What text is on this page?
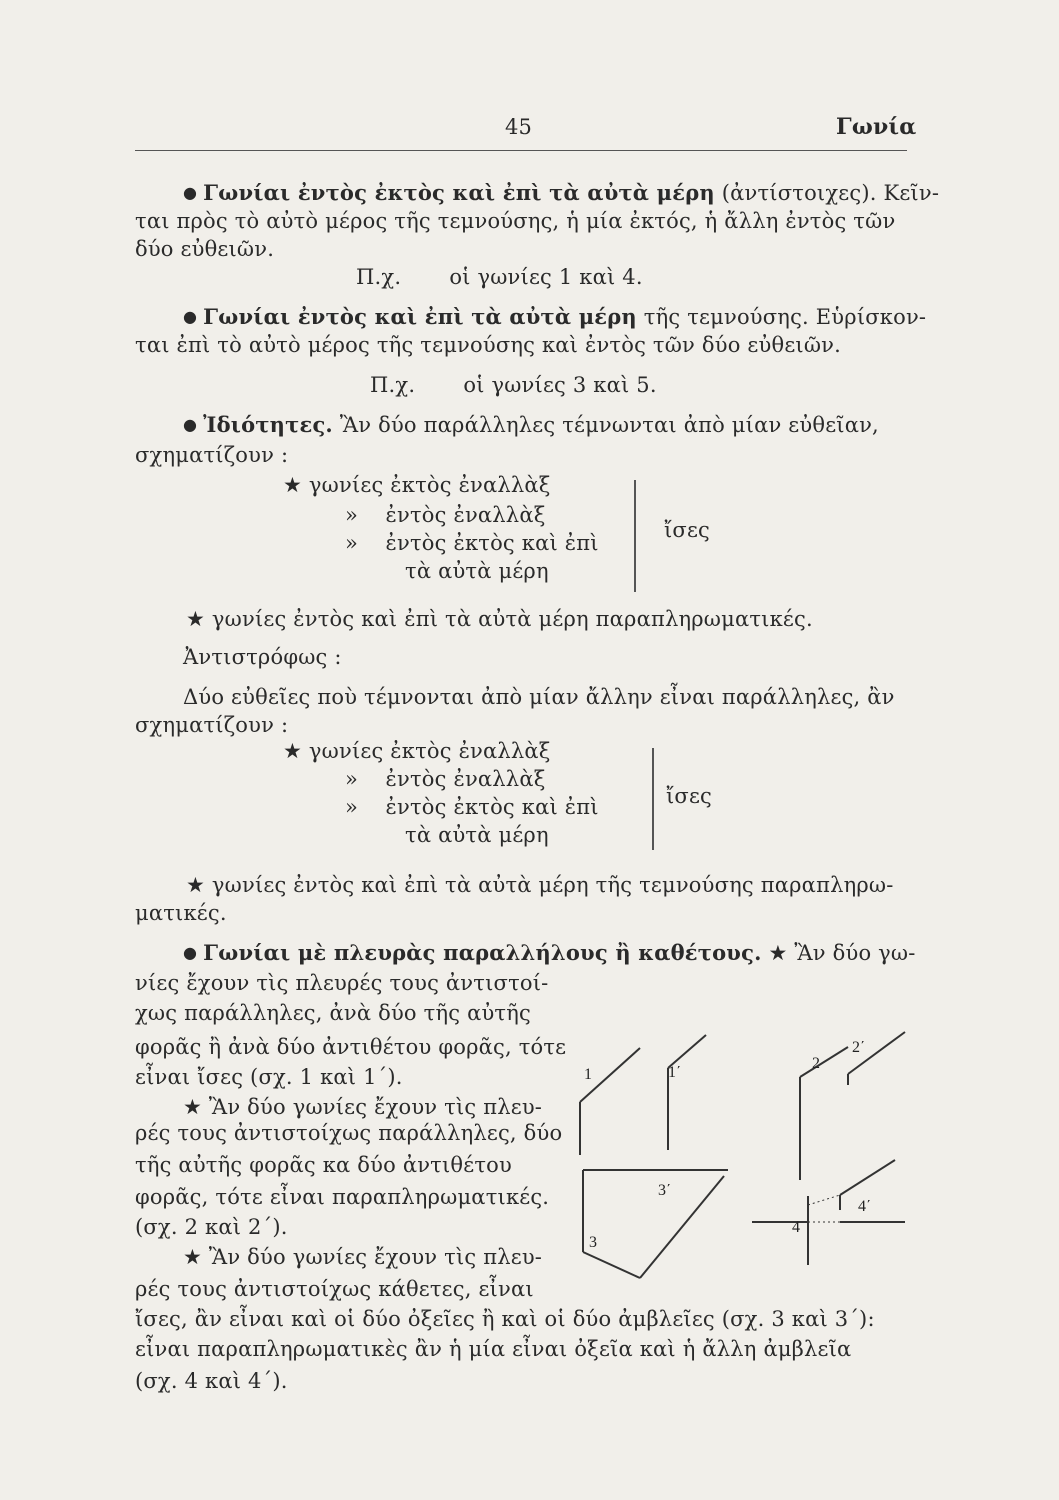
45	Γωνία
● Γωνίαι ἐντὸς ἐκτὸς καὶ ἐπὶ τὰ αὐτὰ μέρη (ἀντίστοιχες). Κεῖν-
ται πρὸς τὸ αὐτὸ μέρος τῆς τεμνούσης, ἡ μία ἐκτός, ἡ ἄλλη ἐντὸς τῶν
δύο εὐθειῶν.
Π.χ.       οἱ γωνίες 1 καὶ 4.
● Γωνίαι ἐντὸς καὶ ἐπὶ τὰ αὐτὰ μέρη τῆς τεμνούσης. Εὑρίσκον-
ται ἐπὶ τὸ αὐτὸ μέρος τῆς τεμνούσης καὶ ἐντὸς τῶν δύο εὐθειῶν.
Π.χ.       οἱ γωνίες 3 καὶ 5.
● Ἰδιότητες. Ἂν δύο παράλληλες τέμνωνται ἀπὸ μίαν εὐθεῖαν,
σχηματίζουν :
★ γωνίες ἐκτὸς ἐναλλὰξ
»    ἐντὸς ἐναλλὰξ
»    ἐντὸς ἐκτὸς καὶ ἐπὶ
τὰ αὐτὰ μέρη
ἴσες
★ γωνίες ἐντὸς καὶ ἐπὶ τὰ αὐτὰ μέρη παραπληρωματικές.
Ἀντιστρόφως :
Δύο εὐθεῖες ποὺ τέμνονται ἀπὸ μίαν ἄλλην εἶναι παράλληλες, ἂν
σχηματίζουν :
★ γωνίες ἐκτὸς ἐναλλὰξ
»    ἐντὸς ἐναλλὰξ
»    ἐντὸς ἐκτὸς καὶ ἐπὶ
τὰ αὐτὰ μέρη
ἴσες
★ γωνίες ἐντὸς καὶ ἐπὶ τὰ αὐτὰ μέρη τῆς τεμνούσης παραπληρω-
ματικές.
● Γωνίαι μὲ πλευρὰς παραλλήλους ἢ καθέτους. ★ Ἂν δύο γω-
νίες ἔχουν τὶς πλευρές τους ἀντιστοί-
χως παράλληλες, ἀνὰ δύο τῆς αὐτῆς
φορᾶς ἢ ἀνὰ δύο ἀντιθέτου φορᾶς, τότε
εἶναι ἴσες (σχ. 1 καὶ 1΄).
★ Ἂν δύο γωνίες ἔχουν τὶς πλευ-
ρές τους ἀντιστοίχως παράλληλες, δύο
τῆς αὐτῆς φορᾶς κα δύο ἀντιθέτου
φορᾶς, τότε εἶναι παραπληρωματικές.
(σχ. 2 καὶ 2΄).
★ Ἂν δύο γωνίες ἔχουν τὶς πλευ-
ρές τους ἀντιστοίχως κάθετες, εἶναι
ἴσες, ἂν εἶναι καὶ οἱ δύο ὀξεῖες ἢ καὶ οἱ δύο ἀμβλεῖες (σχ. 3 καὶ 3΄):
εἶναι παραπληρωματικὲς ἂν ἡ μία εἶναι ὀξεῖα καὶ ἡ ἄλλη ἀμβλεῖα
(σχ. 4 καὶ 4΄).
1	1΄
2
2΄
3
3΄
4
4΄
